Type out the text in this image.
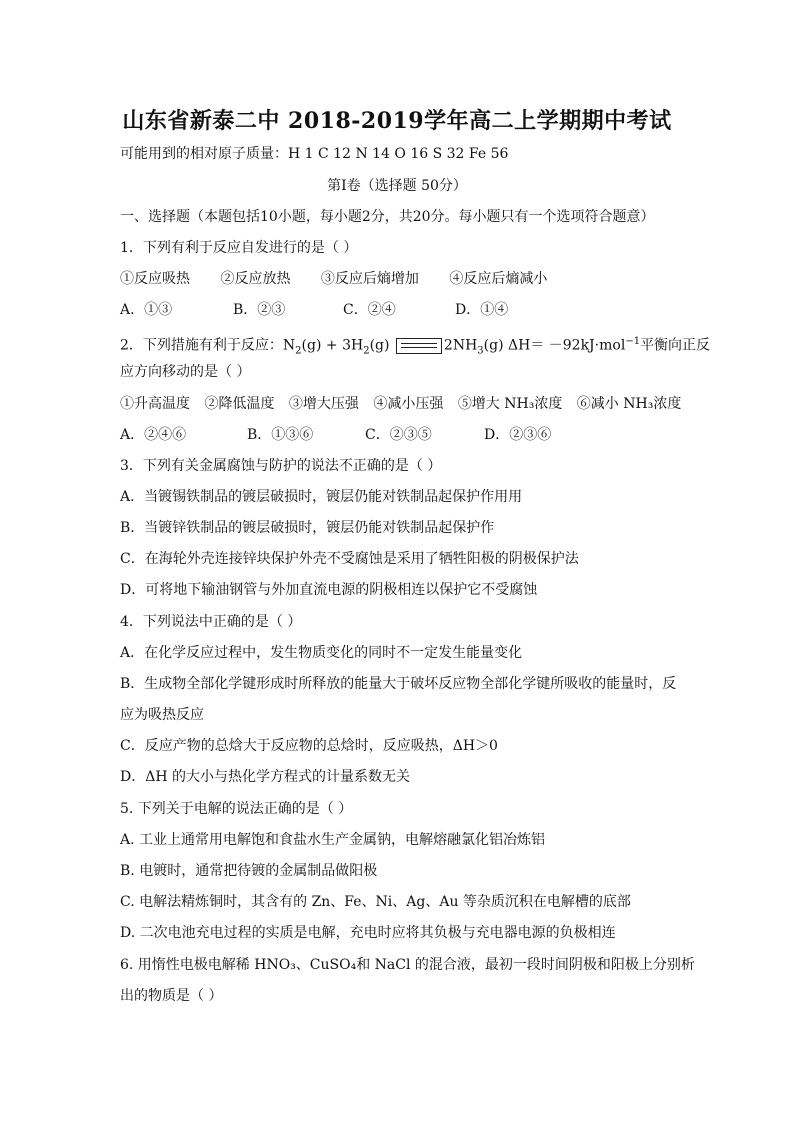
山东省新泰二中 2018-2019学年高二上学期期中考试
可能用到的相对原子质量：H 1 C 12 N 14 O 16 S 32 Fe 56
第Ⅰ卷（选择题 50分）
一、选择题（本题包括10小题，每小题2分，共20分。每小题只有一个选项符合题意）
1．下列有利于反应自发进行的是（ ）
①反应吸热 ②反应放热 ③反应后熵增加 ④反应后熵减小
A．①③	B．②③	C．②④	D．①④
2．下列措施有利于反应：$N_2(g) + 3H_2(g)$	$2NH_3(g)$ ΔH＝ －92kJ·mol$^{-1}$平衡向正反
应方向移动的是（ ）
①升高温度 ②降低温度 ③增大压强 ④减小压强 ⑤增大 NH₃浓度 ⑥减小 NH₃浓度
A．②④⑥	B．①③⑥	C．②③⑤	D．②③⑥
3．下列有关金属腐蚀与防护的说法不正确的是（ ）
A．当镀锡铁制品的镀层破损时，镀层仍能对铁制品起保护作用用
B．当镀锌铁制品的镀层破损时，镀层仍能对铁制品起保护作
C．在海轮外壳连接锌块保护外壳不受腐蚀是采用了牺牲阳极的阴极保护法
D．可将地下输油钢管与外加直流电源的阴极相连以保护它不受腐蚀
4．下列说法中正确的是（ ）
A．在化学反应过程中，发生物质变化的同时不一定发生能量变化
B．生成物全部化学键形成时所释放的能量大于破坏反应物全部化学键所吸收的能量时，反
应为吸热反应
C．反应产物的总焓大于反应物的总焓时，反应吸热，ΔH＞0
D．ΔH 的大小与热化学方程式的计量系数无关
5. 下列关于电解的说法正确的是（ ）
A. 工业上通常用电解饱和食盐水生产金属钠，电解熔融氯化铝冶炼铝
B. 电镀时，通常把待镀的金属制品做阳极
C. 电解法精炼铜时，其含有的 Zn、Fe、Ni、Ag、Au 等杂质沉积在电解槽的底部
D. 二次电池充电过程的实质是电解，充电时应将其负极与充电器电源的负极相连
6. 用惰性电极电解稀 HNO₃、CuSO₄和 NaCl 的混合液，最初一段时间阴极和阳极上分别析
出的物质是（ ）
